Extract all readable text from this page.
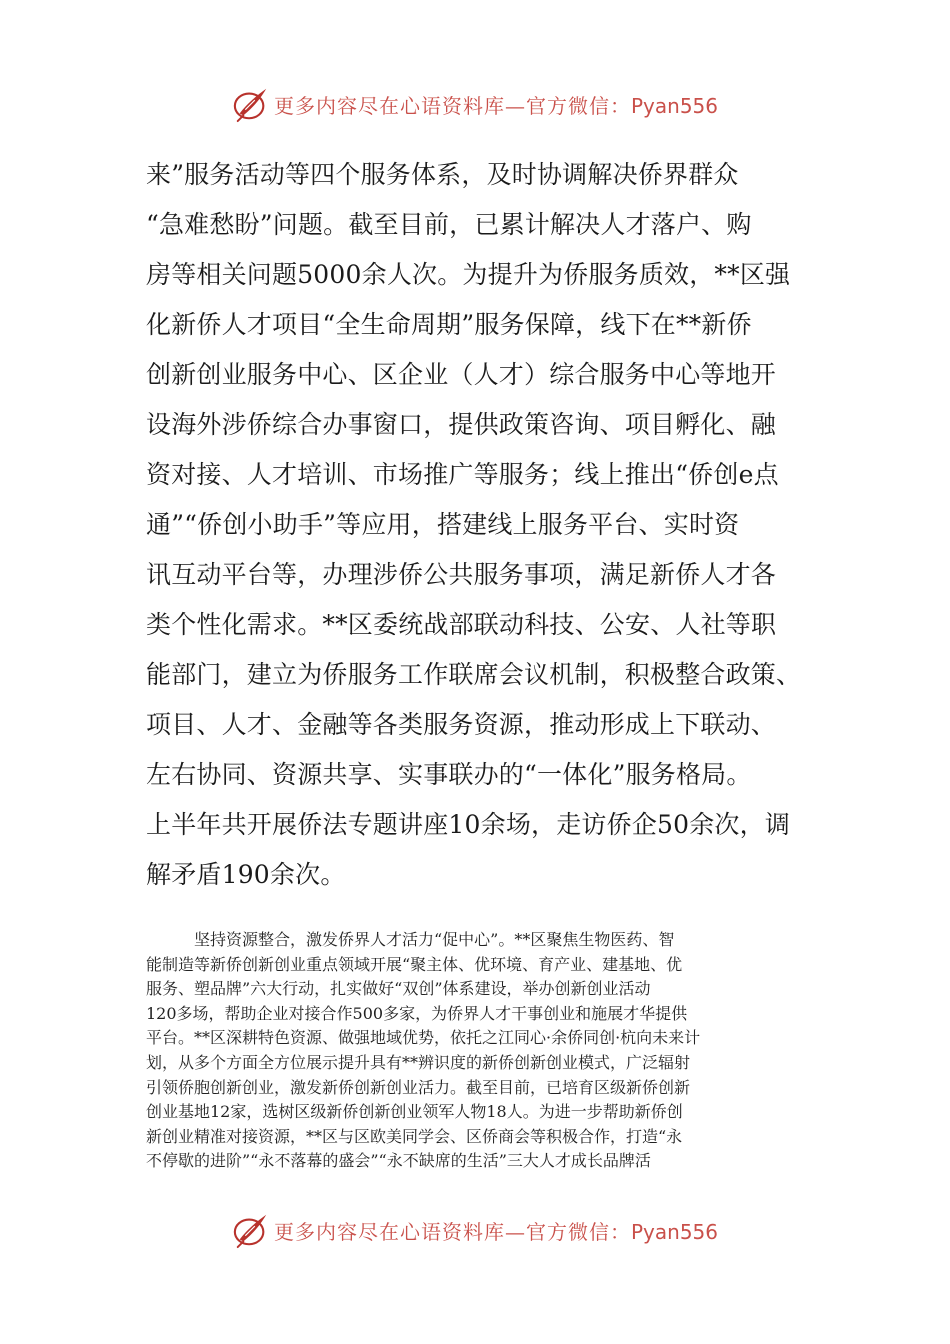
更多内容尽在心语资料库—官方微信：Pyan556
来”服务活动等四个服务体系，及时协调解决侨界群众
“急难愁盼”问题。截至目前，已累计解决人才落户、购
房等相关问题5000余人次。为提升为侨服务质效，**区强
化新侨人才项目“全生命周期”服务保障，线下在**新侨
创新创业服务中心、区企业（人才）综合服务中心等地开
设海外涉侨综合办事窗口，提供政策咨询、项目孵化、融
资对接、人才培训、市场推广等服务；线上推出“侨创e点
通”“侨创小助手”等应用，搭建线上服务平台、实时资
讯互动平台等，办理涉侨公共服务事项，满足新侨人才各
类个性化需求。**区委统战部联动科技、公安、人社等职
能部门，建立为侨服务工作联席会议机制，积极整合政策、
项目、人才、金融等各类服务资源，推动形成上下联动、
左右协同、资源共享、实事联办的“一体化”服务格局。
上半年共开展侨法专题讲座10余场，走访侨企50余次，调
解矛盾190余次。
坚持资源整合，激发侨界人才活力“促中心”。**区聚焦生物医药、智
能制造等新侨创新创业重点领域开展“聚主体、优环境、育产业、建基地、优
服务、塑品牌”六大行动，扎实做好“双创”体系建设，举办创新创业活动
120多场，帮助企业对接合作500多家，为侨界人才干事创业和施展才华提供
平台。**区深耕特色资源、做强地域优势，依托之江同心·余侨同创·杭向未来计
划，从多个方面全方位展示提升具有**辨识度的新侨创新创业模式，广泛辐射
引领侨胞创新创业，激发新侨创新创业活力。截至目前，已培育区级新侨创新
创业基地12家，选树区级新侨创新创业领军人物18人。为进一步帮助新侨创
新创业精准对接资源，**区与区欧美同学会、区侨商会等积极合作，打造“永
不停歇的进阶”“永不落幕的盛会”“永不缺席的生活”三大人才成长品牌活
更多内容尽在心语资料库—官方微信：Pyan556
